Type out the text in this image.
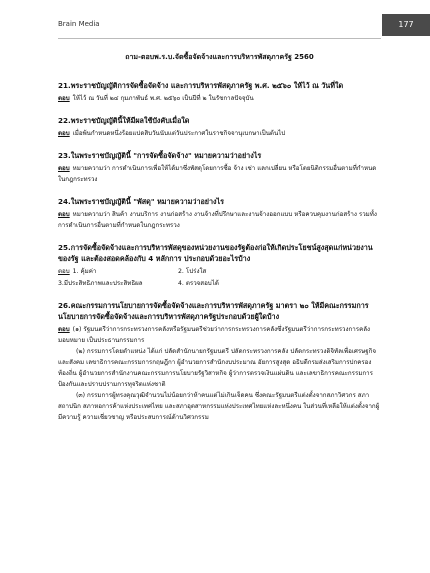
Brain Media	177
ถาม-ตอบพ.ร.บ.จัดซื้อจัดจ้างและการบริหารพัสดุภาครัฐ 2560

21.พระราชบัญญัติการจัดซื้อจัดจ้าง และการบริหารพัสดุภาครัฐ พ.ศ. ๒๕๖๐ ให้ไว้ ณ วันที่ใด

ตอบ ให้ไว้ ณ วันที่ ๒๔ กุมภาพันธ์ พ.ศ. ๒๕๖๐ เป็นปีที่ ๒ ในรัชกาลปัจจุบัน

22.พระราชบัญญัตินี้ให้มีผลใช้บังคับเมื่อใด

ตอบ เมื่อพ้นกำหนดหนึ่งร้อยแปดสิบวันนับแต่วันประกาศในราชกิจจานุเบกษาเป็นต้นไป

23.ในพระราชบัญญัตินี้ "การจัดซื้อจัดจ้าง" หมายความว่าอย่างไร

ตอบ หมายความว่า การดำเนินการเพื่อให้ได้มาซึ่งพัสดุโดยการซื้อ จ้าง เช่า แลกเปลี่ยน หรือโดยนิติกรรมอื่นตามที่กำหนดในกฎกระทรวง

24.ในพระราชบัญญัตินี้ "พัสดุ" หมายความว่าอย่างไร

ตอบ หมายความว่า สินค้า งานบริการ งานก่อสร้าง งานจ้างที่ปรึกษาและงานจ้างออกแบบ หรือควบคุมงานก่อสร้าง รวมทั้งการดำเนินการอื่นตามที่กำหนดในกฎกระทรวง

25.การจัดซื้อจัดจ้างและการบริหารพัสดุของหน่วยงานของรัฐต้องก่อให้เกิดประโยชน์สูงสุดแก่หน่วยงานของรัฐ และต้องสอดคล้องกับ 4 หลักการ ประกอบด้วยอะไรบ้าง

ตอบ 1. คุ้มค่า	2. โปร่งใส
3.มีประสิทธิภาพและประสิทธิผล	4. ตรวจสอบได้

26.คณะกรรมการนโยบายการจัดซื้อจัดจ้างและการบริหารพัสดุภาครัฐ มาตรา ๒๐ ให้มีคณะกรรมการนโยบายการจัดซื้อจัดจ้างและการบริหารพัสดุภาครัฐประกอบด้วยผู้ใดบ้าง

ตอบ (๑) รัฐมนตรีว่าการกระทรวงการคลังหรือรัฐมนตรีช่วยว่าการกระทรวงการคลังซึ่งรัฐมนตรีว่าการกระทรวงการคลังมอบหมาย เป็นประธานกรรมการ

(๒) กรรมการโดยตำแหน่ง ได้แก่ ปลัดสำนักนายกรัฐมนตรี ปลัดกระทรวงการคลัง ปลัดกระทรวงดิจิทัลเพื่อเศรษฐกิจและสังคม เลขาธิการคณะกรรมการกฤษฎีกา ผู้อำนวยการสำนักงบประมาณ อัยการสูงสุด อธิบดีกรมส่งเสริมการปกครองท้องถิ่น ผู้อำนวยการสำนักงานคณะกรรมการนโยบายรัฐวิสาหกิจ ผู้ว่าการตรวจเงินแผ่นดิน และเลขาธิการคณะกรรมการป้องกันและปราบปรามการทุจริตแห่งชาติ

(๓) กรรมการผู้ทรงคุณวุฒิจำนวนไม่น้อยกว่าห้าคนแต่ไม่เกินเจ็ดคน ซึ่งคณะรัฐมนตรีแต่งตั้งจากสภาวิศวกร สภาสถาปนิก สภาหอการค้าแห่งประเทศไทย และสภาอุตสาหกรรมแห่งประเทศไทยแห่งละหนึ่งคน ในส่วนที่เหลือให้แต่งตั้งจากผู้มีความรู้ ความเชี่ยวชาญ หรือประสบการณ์ด้านวิศวกรรม
